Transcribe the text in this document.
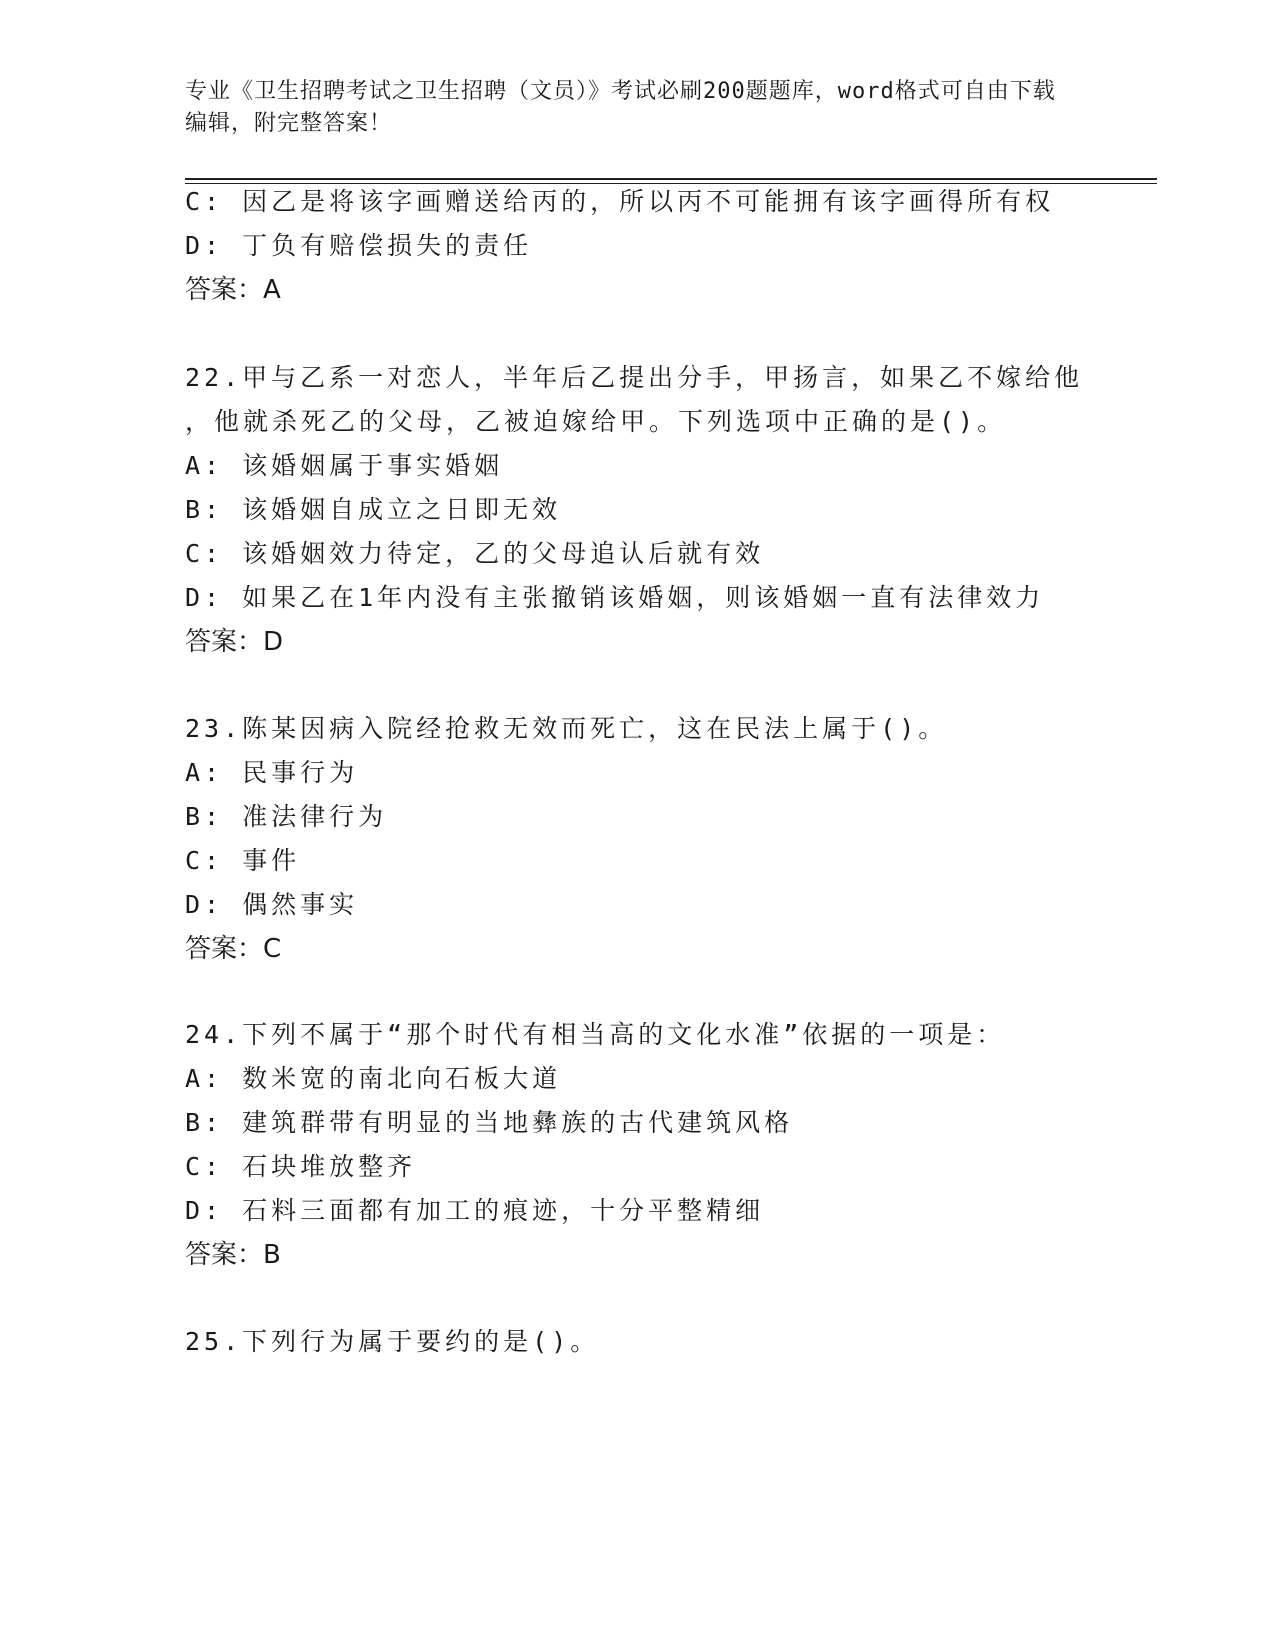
专业《卫生招聘考试之卫生招聘（文员）》考试必刷200题题库，word格式可自由下载编辑，附完整答案！
C: 因乙是将该字画赠送给丙的，所以丙不可能拥有该字画得所有权
D: 丁负有赔偿损失的责任
答案：A
22.甲与乙系一对恋人，半年后乙提出分手，甲扬言，如果乙不嫁给他
，他就杀死乙的父母，乙被迫嫁给甲。下列选项中正确的是()。
A: 该婚姻属于事实婚姻
B: 该婚姻自成立之日即无效
C: 该婚姻效力待定，乙的父母追认后就有效
D: 如果乙在1年内没有主张撤销该婚姻，则该婚姻一直有法律效力
答案：D
23.陈某因病入院经抢救无效而死亡，这在民法上属于()。
A: 民事行为
B: 准法律行为
C: 事件
D: 偶然事实
答案：C
24.下列不属于“那个时代有相当高的文化水准”依据的一项是：
A: 数米宽的南北向石板大道
B: 建筑群带有明显的当地彝族的古代建筑风格
C: 石块堆放整齐
D: 石料三面都有加工的痕迹，十分平整精细
答案：B
25.下列行为属于要约的是()。
